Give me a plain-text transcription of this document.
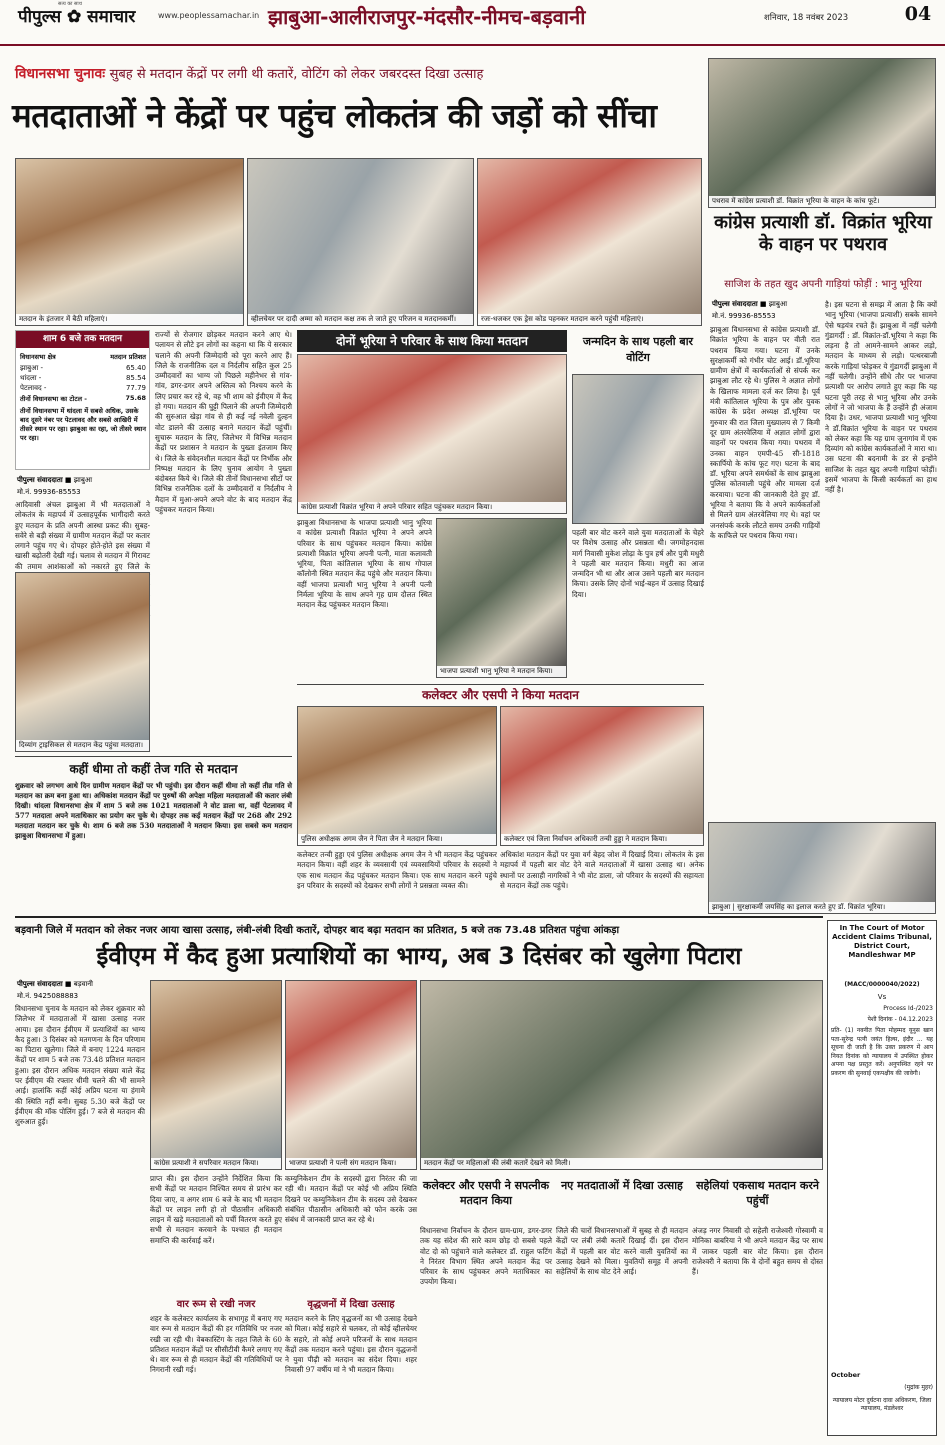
पीपुल्स ✿ समाचार
सत्य का साथ
www.peoplessamachar.in झाबुआ-आलीराजपुर-मंदसौर-नीमच-बड़वानी	शनिवार, 18 नवंबर 2023	04
विधानसभा चुनावः सुबह से मतदान केंद्रों पर लगी थी कतारें, वोटिंग को लेकर जबरदस्त दिखा उत्साह
मतदाताओं ने केंद्रों पर पहुंच लोकतंत्र की जड़ों को सींचा
मतदान के इंतजार में बैठी महिलाएं।	व्हीलचेयर पर दादी अम्मा को मतदान कक्ष तक ले जाते हुए परिजन व मतदानकर्मी।	रजः-धजकर एक ड्रेस कोड पहनकर मतदान करने पहुंची महिलाएं।
पथराव में कांग्रेस प्रत्याशी डॉ. विक्रांत भूरिया के वाहन के कांच फूटे।
कांग्रेस प्रत्याशी डॉ. विक्रांत भूरिया के वाहन पर पथराव
साजिश के तहत खुद अपनी गाड़ियां फोड़ीं : भानु भूरिया
पीपुल्स संवाददाता ■ झाबुआ
मो.नं. 99936-85553
झाबुआ विधानसभा से कांग्रेस प्रत्याशी डॉ. विक्रांत भूरिया के वाहन पर वीती रात पथराव किया गया। घटना में उनके सुरक्षाकर्मी को गंभीर चोट आई। डॉ.भूरिया ग्रामीण क्षेत्रों में कार्यकर्ताओं से संपर्क कर झाबुआ लौट रहे थे। पुलिस ने अज्ञात लोगों के खिलाफ मामला दर्ज कर लिया है। पूर्व मंत्री कांतिलाल भूरिया के पुत्र और युवक कांग्रेस के प्रदेश अध्यक्ष डॉ.भूरिया पर गुरुवार की रात जिला मुख्यालय से 7 किमी दूर ग्राम अंतरवेलिया में अज्ञात लोगों द्वारा वाहनों पर पथराव किया गया। पथराव में उनका वाहन एमपी-45 सी-1818 स्कार्पियो के कांच फूट गए। घटना के बाद डॉ. भूरिया अपने समर्थकों के साथ झाबुआ पुलिस कोतवाली पहुंचे और मामला दर्ज करवाया। घटना की जानकारी देते हुए डॉ. भूरिया ने बताया कि वे अपने कार्यकर्ताओं से मिलने ग्राम अंतरवेलिया गए थे। वहां पर जनसंपर्क करके लौटते समय उनकी गाड़ियों के काफिले पर पथराव किया गया।
है। इस घटना से समझ में आता है कि क्यों भानु भूरिया (भाजपा प्रत्याशी) सबके सामने ऐसे षड़यंत्र रचते हैं। झाबुआ में नहीं चलेगी गुंडागर्दी : डॉ. विक्रांत-डॉ.भूरिया ने कहा कि लड़ना है तो आमने-सामने आकर लड़ो, मतदान के माध्यम से लड़ो। पत्थरबाजी करके गाड़ियां फोड़कर ये गुंडागर्दी झाबुआ में नहीं चलेगी। उन्होंने सीधे तौर पर भाजपा प्रत्याशी पर आरोप लगाते हुए कहा कि यह घटना पूरी तरह से भानु भूरिया और उनके लोगों ने जो भाजपा के हैं उन्होंने ही अंजाम दिया है। उधर, भाजपा प्रत्याशी भानु भूरिया ने डॉ.विक्रांत भूरिया के वाहन पर पथराव को लेकर कहा कि यह ग्राम जुनागांव में एक दिव्यांग को कांग्रेस कार्यकर्ताओं ने मारा था। उस घटना की बदनामी के डर से इन्होंने साजिश के तहत खुद अपनी गाड़ियां फोड़ीं। इसमें भाजपा के किसी कार्यकर्ता का हाथ नहीं है।
झाबुआ | सुरक्षाकर्मी जयसिंह का इलाज करते हुए डॉ. विक्रांत भूरिया।
शाम 6 बजे तक मतदान
विधानसभा क्षेत्र	मतदान प्रतिशत
झाबुआ -	65.40
थांदला -	85.54
पेटलावद -	77.79
तीनों विधानसभा का टोटल -	75.68
तीनों विधानसभा में थांदला में सबसे अधिक, उसके बाद दूसरे नंबर पर पेटलावद और सबसे आखिरी में तीसरे स्थान पर रहा। झाबुआ का रहा, जो तीसरे स्थान पर रहा।
पीपुल्स संवाददाता ■ झाबुआ
मो.नं. 99936-85553
आदिवासी अंचल झाबुआ में भी मतदाताओं ने लोकतंत्र के महापर्व में उत्साहपूर्वक भागीदारी करते हुए मतदान के प्रति अपनी आस्था प्रकट की। सुबह-सवेरे से बड़ी संख्या में ग्रामीण मतदान केंद्रों पर कतार लगाने पहुंच गए थे। दोपहर होते-होते इस संख्या में खासी बढ़ोतरी देखी गई। चलाव से मतदान में गिरावट की तमाम आशंकाओं को नकारते हुए जिले के
दिव्यांग ट्राइसिकल से मतदान केंद्र पहुंचा मतदाता।
राज्यों से रोजगार छोड़कर मतदान करने आए थे। पलायन से लौटे इन लोगों का कहना था कि ये सरकार चलाने की अपनी जिम्मेदारी को पूरा करने आए हैं। जिले के राजनीतिक दल व निर्दलीय सहित कुल 25 उम्मीदवारों का भाग्य जो पिछले महीनेभर से गांव-गांव, डगर-डगर अपने अस्तित्व को निश्चय करने के लिए प्रचार कर रहे थे, वह भी शाम को ईवीएम में कैद हो गया। मतदान की घुट्टी पिलाने की अपनी जिम्मेदारी की सुरुआत खेड़ा गांव से ही कई नई नवेली दुल्हन वोट डालने की उत्साह बनाने मतदान केंद्रों पहुंचीं। सुचारू मतदान के लिए, जिलेभर में विभिन्न मतदान केंद्रों पर प्रशासन ने मतदान के पुख्ता इंतजाम किए थे। जिले के संवेदनशील मतदान केंद्रों पर निर्भीक और निष्पक्ष मतदान के लिए चुनाव आयोग ने पुख्ता बंदोबस्त किये थे। जिले की तीनों विधानसभा सीटों पर विभिन्न राजनैतिक दलों के उम्मीदवारों व निर्दलीय ने मैदान में मुआ-अपने अपने वोट के बाद मतदान केंद्र पहुंचकर मतदान किया।
कहीं धीमा तो कहीं तेज गति से मतदान
शुक्रवार को लगभग आधे दिन ग्रामीण मतदान केंद्रों पर भी पहुंची। इस दौरान कहीं धीमा तो कहीं तीव्र गति से मतदान का क्रम बना हुआ था। अधिकांश मतदान केंद्रों पर पुरुषों की अपेक्षा महिला मतदाताओं की कतार लंबी दिखी। थांदला विधानसभा क्षेत्र में शाम 5 बजे तक 1021 मतदाताओं ने वोट डाला था, वहीं पेटलावद में 577 मतदाता अपने मताधिकार का प्रयोग कर चुके थे। दोपहर तक कई मतदान केंद्रों पर 268 और 292 मतदाता मतदान कर चुके थे। शाम 6 बजे तक 530 मतदाताओं ने मतदान किया। इस सबसे कम मतदान झाबुआ विधानसभा में हुआ।
दोनों भूरिया ने परिवार के साथ किया मतदान
कांग्रेस प्रत्याशी विक्रांत भूरिया ने अपने परिवार सहित पहुंचकर मतदान किया।
झाबुआ विधानसभा के भाजपा प्रत्याशी भानु भूरिया व कांग्रेस प्रत्याशी विक्रांत भूरिया ने अपने अपने परिवार के साथ पहुंचकर मतदान किया। कांग्रेस प्रत्याशी विक्रांत भूरिया अपनी पत्नी, माता कलावती भूरिया, पिता कांतिलाल भूरिया के साथ गोपाल कॉलोनी स्थित मतदान केंद्र पहुंचे और मतदान किया। वहीं भाजपा प्रत्याशी भानु भूरिया ने अपनी पत्नी निर्मला भूरिया के साथ अपने गृह ग्राम दौलत स्थित मतदान केंद्र पहुंचकर मतदान किया।
भाजपा प्रत्याशी भानु भूरिया ने मतदान किया।
जन्मदिन के साथ पहली बार वोटिंग
पहली बार वोट करने वाले युवा मतदाताओं के चेहरे पर विशेष उत्साह और प्रसन्नता थी। जगमोहनदास मार्ग निवासी मुकेश लोढ़ा के पुत्र हर्ष और पुत्री मधुरी ने पहली बार मतदान किया। मधुरी का आज जन्मदिन भी था और आज उसने पहली बार मतदान किया। उसके लिए दोनों भाई-बहन में उत्साह दिखाई दिया।
कलेक्टर और एसपी ने किया मतदान
पुलिस अधीक्षक अगम जैन ने पिता जैन ने मतदान किया।	कलेक्टर एवं जिला निर्वाचन अधिकारी तन्वी हुड्डा ने मतदान किया।
कलेक्टर तन्वी हुड्डा एवं पुलिस अधीक्षक अगम जैन ने भी मतदान केंद्र पहुंचकर मतदान किया। वहीं शहर के व्यवसायी एवं व्यवसायियों परिवार के सदस्यों ने एक साथ मतदान केंद्र पहुंचकर मतदान किया। एक साथ मतदान करने पहुंचे इन परिवार के सदस्यों को देखकर सभी लोगों ने प्रसन्नता व्यक्त की।
अधिकांश मतदान केंद्रों पर युवा वर्ग बेहद जोश में दिखाई दिया। लोकतंत्र के इस महापर्व में पहली बार वोट देने वाले मतदाताओं में खासा उत्साह था। अनेक स्थानों पर उत्साही नागरिकों ने भी वोट डाला, जो परिवार के सदस्यों की सहायता से मतदान केंद्रों तक पहुंचे।
बड़वानी जिले में मतदान को लेकर नजर आया खासा उत्साह, लंबी-लंबी दिखी कतारें, दोपहर बाद बढ़ा मतदान का प्रतिशत, 5 बजे तक 73.48 प्रतिशत पहुंचा आंकड़ा
ईवीएम में कैद हुआ प्रत्याशियों का भाग्य, अब 3 दिसंबर को खुलेगा पिटारा
पीपुल्स संवाददाता ■ बड़वानी
मो.नं. 9425088883
विधानसभा चुनाव के मतदान को लेकर शुक्रवार को जिलेभर में मतदाताओं में खासा उत्साह नजर आया। इस दौरान ईवीएम में प्रत्याशियों का भाग्य कैद हुआ। 3 दिसंबर को मतगणना के दिन परिणाम का पिटारा खुलेगा। जिले में बनाए 1224 मतदान केंद्रों पर शाम 5 बजे तक 73.48 प्रतिशत मतदान हुआ। इस दौरान अधिक मतदान संख्या वाले केंद्र पर ईवीएम की रफ्तार धीमी चलने की भी सामने आई। हालांकि कहीं कोई अप्रिय घटना या हंगामे की स्थिति नहीं बनी। सुबह 5.30 बजे केंद्रों पर ईवीएम की मॉक पोलिंग हुई। 7 बजे से मतदान की शुरुआत हुई।
कांग्रेस प्रत्याशी ने सपरिवार मतदान किया।	भाजपा प्रत्याशी ने पत्नी संग मतदान किया।	मतदान केंद्रों पर महिलाओं की लंबी कतारें देखने को मिली।
प्राप्त की। इस दौरान उन्होंने निर्देशित किया कि सभी केंद्रों पर मतदान निश्चित समय से प्रारंभ कर दिया जाए, व अगर शाम 6 बजे के बाद भी मतदान केंद्रों पर लाइन लगी हो तो पीठासीन अधिकारी लाइन में खड़े मतदाताओं को पर्ची वितरण करते हुए सभी से मतदान करवाने के पश्चात ही मतदान समाप्ति की कार्रवाई करें।
वार रूम से रखी नजर
शहर के कलेक्टर कार्यालय के सभागृह में बनाए गए वार रूम से मतदान केंद्रों की हर गतिविधि पर नजर रखी जा रही थी। वेबकास्टिंग के तहत जिले के 60 प्रतिशत मतदान केंद्रों पर सीसीटीवी कैमरे लगाए गए थे। वार रूम से ही मतदान केंद्रों की गतिविधियों पर निगरानी रखी गई।
कम्युनिकेशन टीम के सदस्यों द्वारा निरंतर की जा रही थी। मतदान केंद्रों पर कोई भी अप्रिय स्थिति दिखने पर कम्युनिकेशन टीम के सदस्य उसे देखकर संबंधित पीठासीन अधिकारी को फोन करके उस संबंध में जानकारी प्राप्त कर रहे थे।
वृद्धजनों में दिखा उत्साह
मतदान करने के लिए वृद्धजनों का भी उत्साह देखने को मिला। कोई सहारे से चलकर, तो कोई व्हीलचेयर के सहारे, तो कोई अपने परिजनों के साथ मतदान केंद्रों तक मतदान करने पहुंचा। इस दौरान वृद्धजनों ने युवा पीढ़ी को मतदान का संदेश दिया। शहर निवासी 97 वर्षीय मां ने भी मतदान किया।
कलेक्टर और एसपी ने सपत्नीक मतदान किया
विधानसभा निर्वाचन के दौरान ग्राम-ग्राम, डगर-डगर तक यह संदेश की सारे काम छोड़ दो सबसे पहले वोट दो को पहुंचाने वाले कलेक्टर डॉ. राहुल फटिंग ने निरंतर विभाग स्थित अपने मतदान केंद्र पर परिवार के साथ पहुंचकर अपने मताधिकार का उपयोग किया।
नए मतदाताओं में दिखा उत्साह
जिले की चारों विधानसभाओं में सुबह से ही मतदान केंद्रों पर लंबी लंबी कतारें दिखाई दीं। इस दौरान केंद्रों में पहली बार वोट करने वाली युवतियों का उत्साह देखने को मिला। युवतियों समूह में अपनी सहेलियों के साथ वोट देने आई।
सहेलियां एकसाथ मतदान करने पहुंचीं
अंजड़ नगर निवासी दो सहेली राजेश्वरी गोस्वामी व मोनिका बाबरिया ने भी अपने मतदान केंद्र पर साथ में जाकर पहली बार वोट किया। इस दौरान राजेश्वरी ने बताया कि वे दोनों बहुत समय से दोस्त हैं।
In The Court of Motor Accident Claims Tribunal, District Court, Mandleshwar MP
(MACC/0000040/2022)
Vs
Process Id-/2023
पेशी दिनांक - 04.12.2023
प्रति- (1) नवनीत पिता मोहम्मद यूनुस खान पता-सुरेन्द्र पत्नी जयंत हिल्स, इंदौर ... यह सूचना दी जाती है कि उक्त प्रकरण में आप नियत दिनांक को न्यायालय में उपस्थित होकर अपना पक्ष प्रस्तुत करें। अनुपस्थित रहने पर प्रकरण की सुनवाई एकपक्षीय की जावेगी।
October
(मुद्रांक मुहर)
न्यायालय मोटर दुर्घटना दावा अधिकरण, जिला न्यायालय, मंडलेश्वर
